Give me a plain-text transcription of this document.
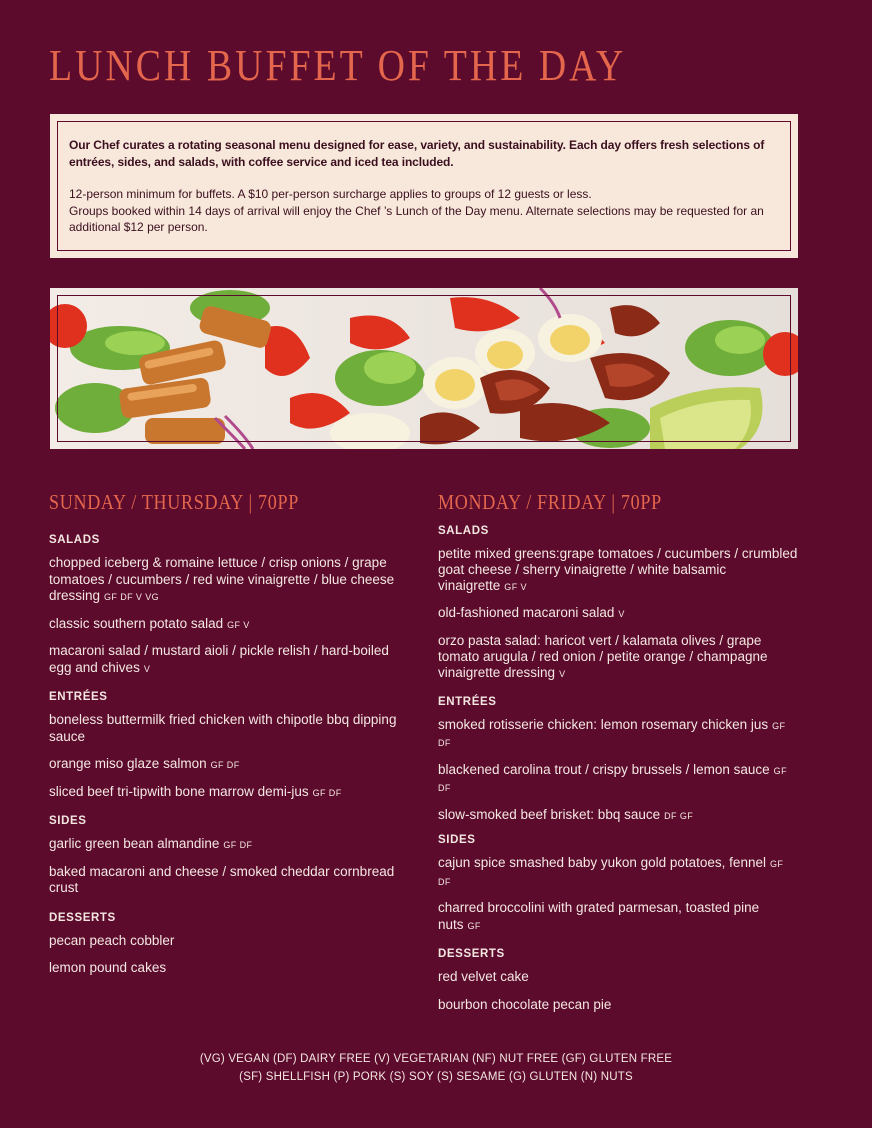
LUNCH BUFFET OF THE DAY

Our Chef curates a rotating seasonal menu designed for ease, variety, and sustainability. Each day offers fresh selections of entrées, sides, and salads, with coffee service and iced tea included.

12-person minimum for buffets. A $10 per-person surcharge applies to groups of 12 guests or less.

Groups booked within 14 days of arrival will enjoy the Chef ’s Lunch of the Day menu. Alternate selections may be requested for an additional $12 per person.

SUNDAY / THURSDAY | 70PP
SALADS
chopped iceberg & romaine lettuce / crisp onions / grape tomatoes / cucumbers / red wine vinaigrette / blue cheese dressing GF DF V VG
classic southern potato salad GF V
macaroni salad / mustard aioli / pickle relish / hard-boiled egg and chives V
ENTRÉES
boneless buttermilk fried chicken with chipotle bbq dipping sauce
orange miso glaze salmon GF DF
sliced beef tri-tipwith bone marrow demi-jus GF DF
SIDES
garlic green bean almandine GF DF
baked macaroni and cheese / smoked cheddar cornbread crust
DESSERTS
pecan peach cobbler
lemon pound cakes
MONDAY / FRIDAY | 70PP
SALADS
petite mixed greens:grape tomatoes / cucumbers / crumbled goat cheese / sherry vinaigrette / white balsamic vinaigrette GF V
old-fashioned macaroni salad V
orzo pasta salad: haricot vert / kalamata olives / grape tomato arugula / red onion / petite orange / champagne vinaigrette dressing V
ENTRÉES
smoked rotisserie chicken: lemon rosemary chicken jus GF DF
blackened carolina trout / crispy brussels / lemon sauce GF DF
slow-smoked beef brisket: bbq sauce DF GF
SIDES
cajun spice smashed baby yukon gold potatoes, fennel GF DF
charred broccolini with grated parmesan, toasted pine nuts GF
DESSERTS
red velvet cake
bourbon chocolate pecan pie
(VG) VEGAN (DF) DAIRY FREE (V) VEGETARIAN (NF) NUT FREE (GF) GLUTEN FREE
(SF) SHELLFISH (P) PORK (S) SOY (S) SESAME (G) GLUTEN (N) NUTS
